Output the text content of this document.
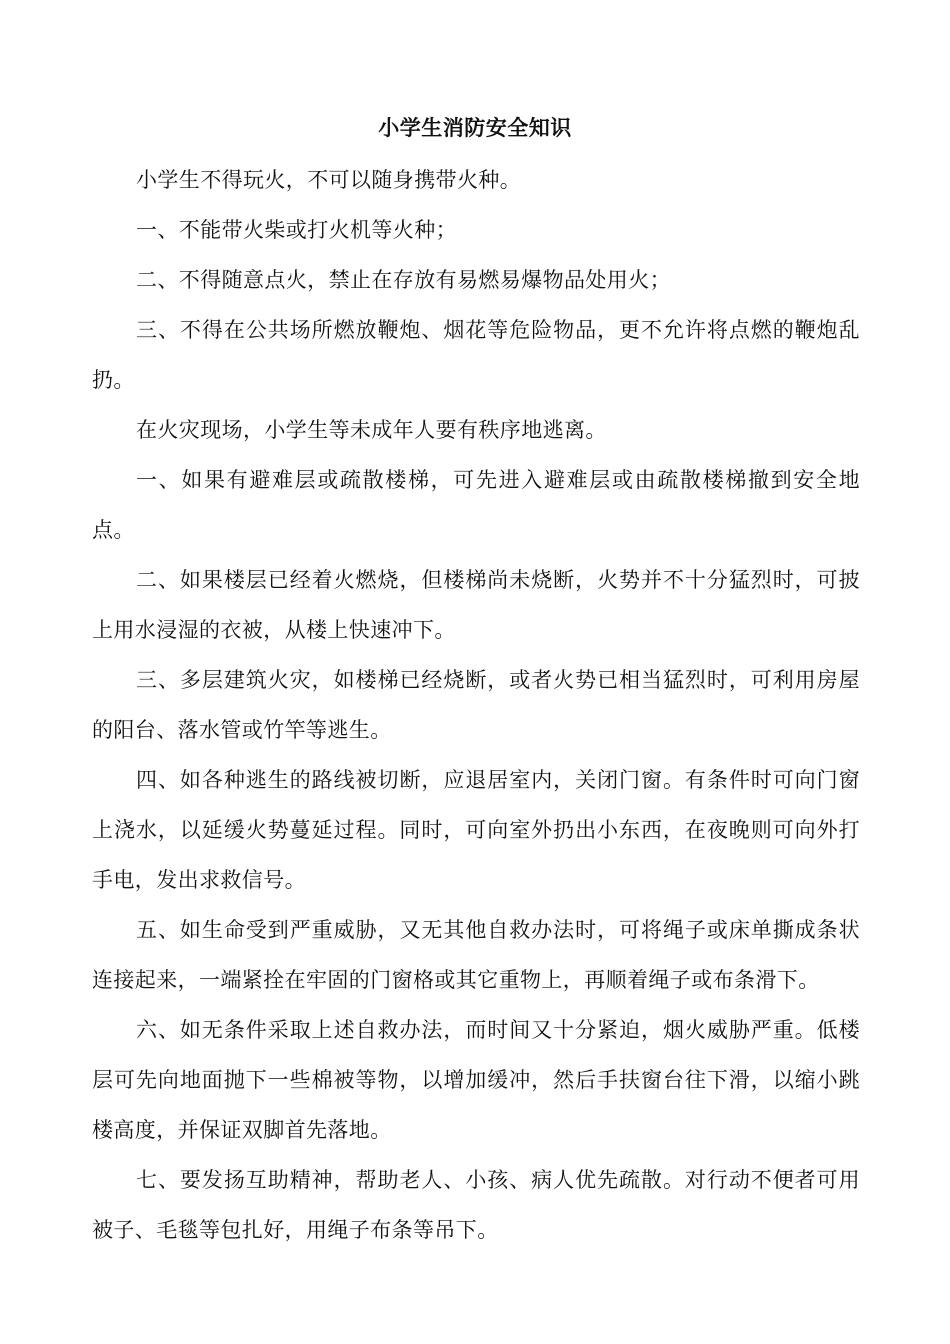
小学生消防安全知识

小学生不得玩火，不可以随身携带火种。

一、不能带火柴或打火机等火种；

二、不得随意点火，禁止在存放有易燃易爆物品处用火；

三、不得在公共场所燃放鞭炮、烟花等危险物品，更不允许将点燃的鞭炮乱扔。

在火灾现场，小学生等未成年人要有秩序地逃离。

一、如果有避难层或疏散楼梯，可先进入避难层或由疏散楼梯撤到安全地点。

二、如果楼层已经着火燃烧，但楼梯尚未烧断，火势并不十分猛烈时，可披上用水浸湿的衣被，从楼上快速冲下。

三、多层建筑火灾，如楼梯已经烧断，或者火势已相当猛烈时，可利用房屋的阳台、落水管或竹竿等逃生。

四、如各种逃生的路线被切断，应退居室内，关闭门窗。有条件时可向门窗上浇水，以延缓火势蔓延过程。同时，可向室外扔出小东西，在夜晚则可向外打手电，发出求救信号。

五、如生命受到严重威胁，又无其他自救办法时，可将绳子或床单撕成条状连接起来，一端紧拴在牢固的门窗格或其它重物上，再顺着绳子或布条滑下。

六、如无条件采取上述自救办法，而时间又十分紧迫，烟火威胁严重。低楼层可先向地面抛下一些棉被等物，以增加缓冲，然后手扶窗台往下滑，以缩小跳楼高度，并保证双脚首先落地。

七、要发扬互助精神，帮助老人、小孩、病人优先疏散。对行动不便者可用被子、毛毯等包扎好，用绳子布条等吊下。
